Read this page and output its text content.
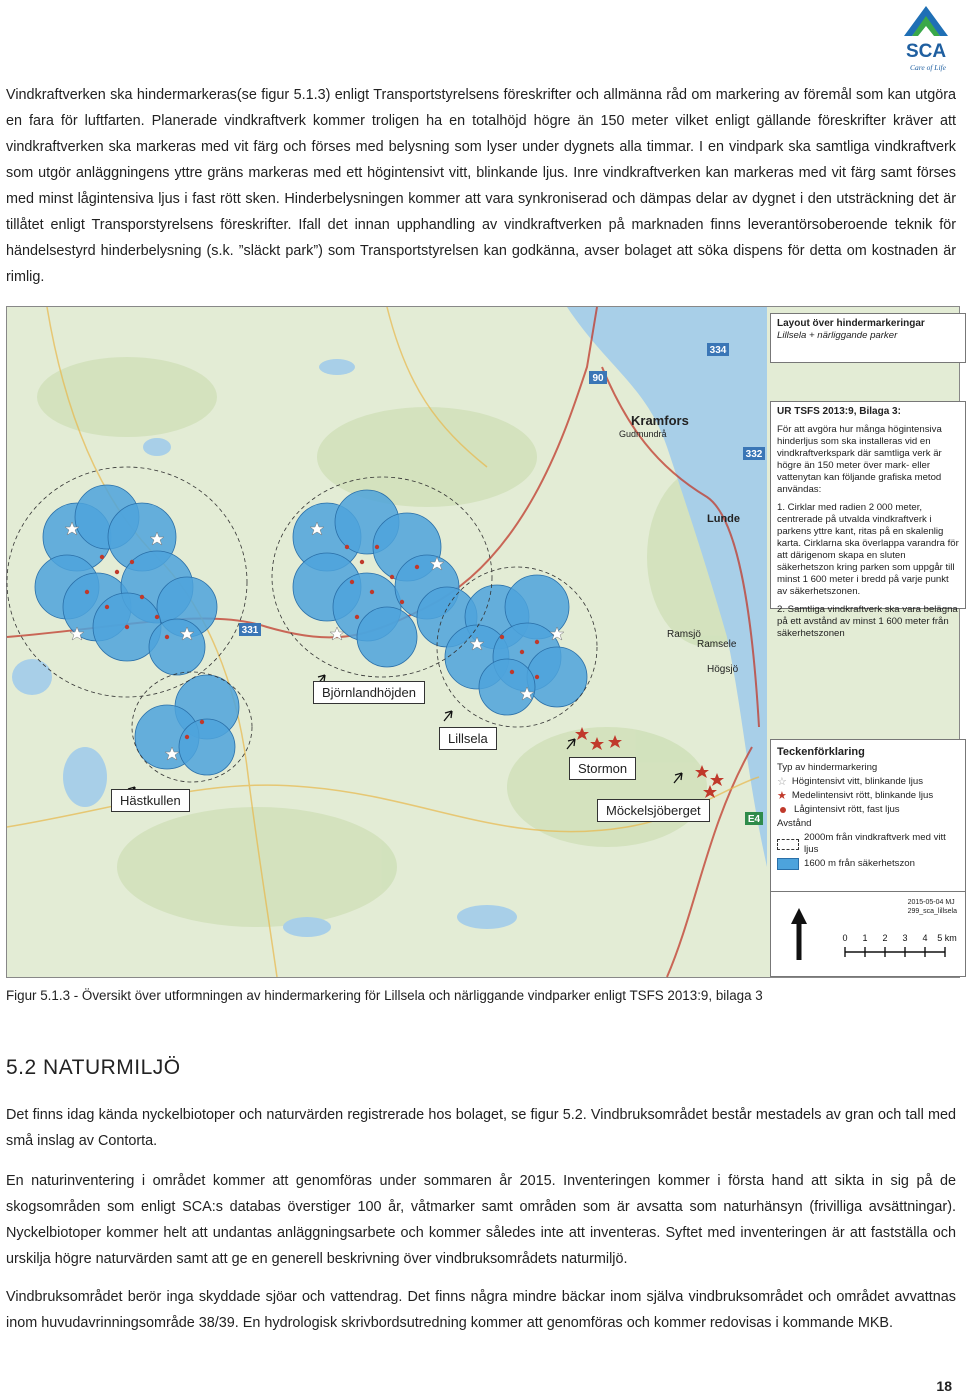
SCA
Care of Life

Vindkraftverken ska hindermarkeras(se figur 5.1.3) enligt Transportstyrelsens föreskrifter och allmänna råd om markering av föremål som kan utgöra en fara för luftfarten. Planerade vindkraftverk kommer troligen ha en totalhöjd högre än 150 meter vilket enligt gällande föreskrifter kräver att vindkraftverken ska markeras med vit färg och förses med belysning som lyser under dygnets alla timmar. I en vindpark ska samtliga vindkraftverk som utgör anläggningens yttre gräns markeras med ett högintensivt vitt, blinkande ljus. Inre vindkraftverken kan markeras med vit färg samt förses med minst lågintensiva ljus i fast rött sken. Hinderbelysningen kommer att vara synkroniserad och dämpas delar av dygnet i den utsträckning det är tillåtet enligt Transporstyrelsens föreskrifter. Ifall det innan upphandling av vindkraftverken på marknaden finns leverantörsoberoende teknik för händelsestyrd hinderbelysning (s.k. ”släckt park”) som Transportstyrelsen kan godkänna, avser bolaget att söka dispens för detta om kostnaden är rimlig.

334
90
332
331
E4
Kramfors
Ramsele
Lunde
Ramsjö
Högsjö
Gudmundrå
Björnlandhöjden
Lillsela
Stormon
Hästkullen
Möckelsjöberget
Layout över hindermarkeringar
Lillsela + närliggande parker
UR TSFS 2013:9, Bilaga 3:
För att avgöra hur många högintensiva hinderljus som ska installeras vid en vindkraftverkspark där samtliga verk är högre än 150 meter över mark- eller vattenytan kan följande grafiska metod användas:
1. Cirklar med radien 2 000 meter, centrerade på utvalda vindkraftverk i parkens yttre kant, ritas på en skalenlig karta. Cirklarna ska överlappa varandra för att därigenom skapa en sluten säkerhetszon kring parken som uppgår till minst 1 600 meter i bredd på varje punkt av säkerhetszonen.
2. Samtliga vindkraftverk ska vara belägna på ett avstånd av minst 1 600 meter från säkerhetszonen
Teckenförklaring
Typ av hindermarkering
☆ Högintensivt vitt, blinkande ljus
★ Medelintensivt rött, blinkande ljus
Lågintensivt rött, fast ljus
Avstånd
2000m från vindkraftverk med vitt ljus
1600 m från säkerhetszon
2015-05-04 MJ
299_sca_lillsela
0 1 2 3 4 5 km
Figur 5.1.3 - Översikt över utformningen av hindermarkering för Lillsela och närliggande vindparker enligt TSFS 2013:9, bilaga 3
5.2 NATURMILJÖ

Det finns idag kända nyckelbiotoper och naturvärden registrerade hos bolaget, se figur 5.2. Vindbruksområdet består mestadels av gran och tall med små inslag av Contorta.

En naturinventering i området kommer att genomföras under sommaren år 2015. Inventeringen kommer i första hand att sikta in sig på de skogsområden som enligt SCA:s databas överstiger 100 år, våtmarker samt områden som är avsatta som naturhänsyn (frivilliga avsättningar). Nyckelbiotoper kommer helt att undantas anläggningsarbete och kommer således inte att inventeras. Syftet med inventeringen är att fastställa och urskilja högre naturvärden samt att ge en generell beskrivning över vindbruksområdets naturmiljö.

Vindbruksområdet berör inga skyddade sjöar och vattendrag. Det finns några mindre bäckar inom själva vindbruksområdet och området avvattnas inom huvudavrinningsområde 38/39. En hydrologisk skrivbordsutredning kommer att genomföras och kommer redovisas i kommande MKB.

18
